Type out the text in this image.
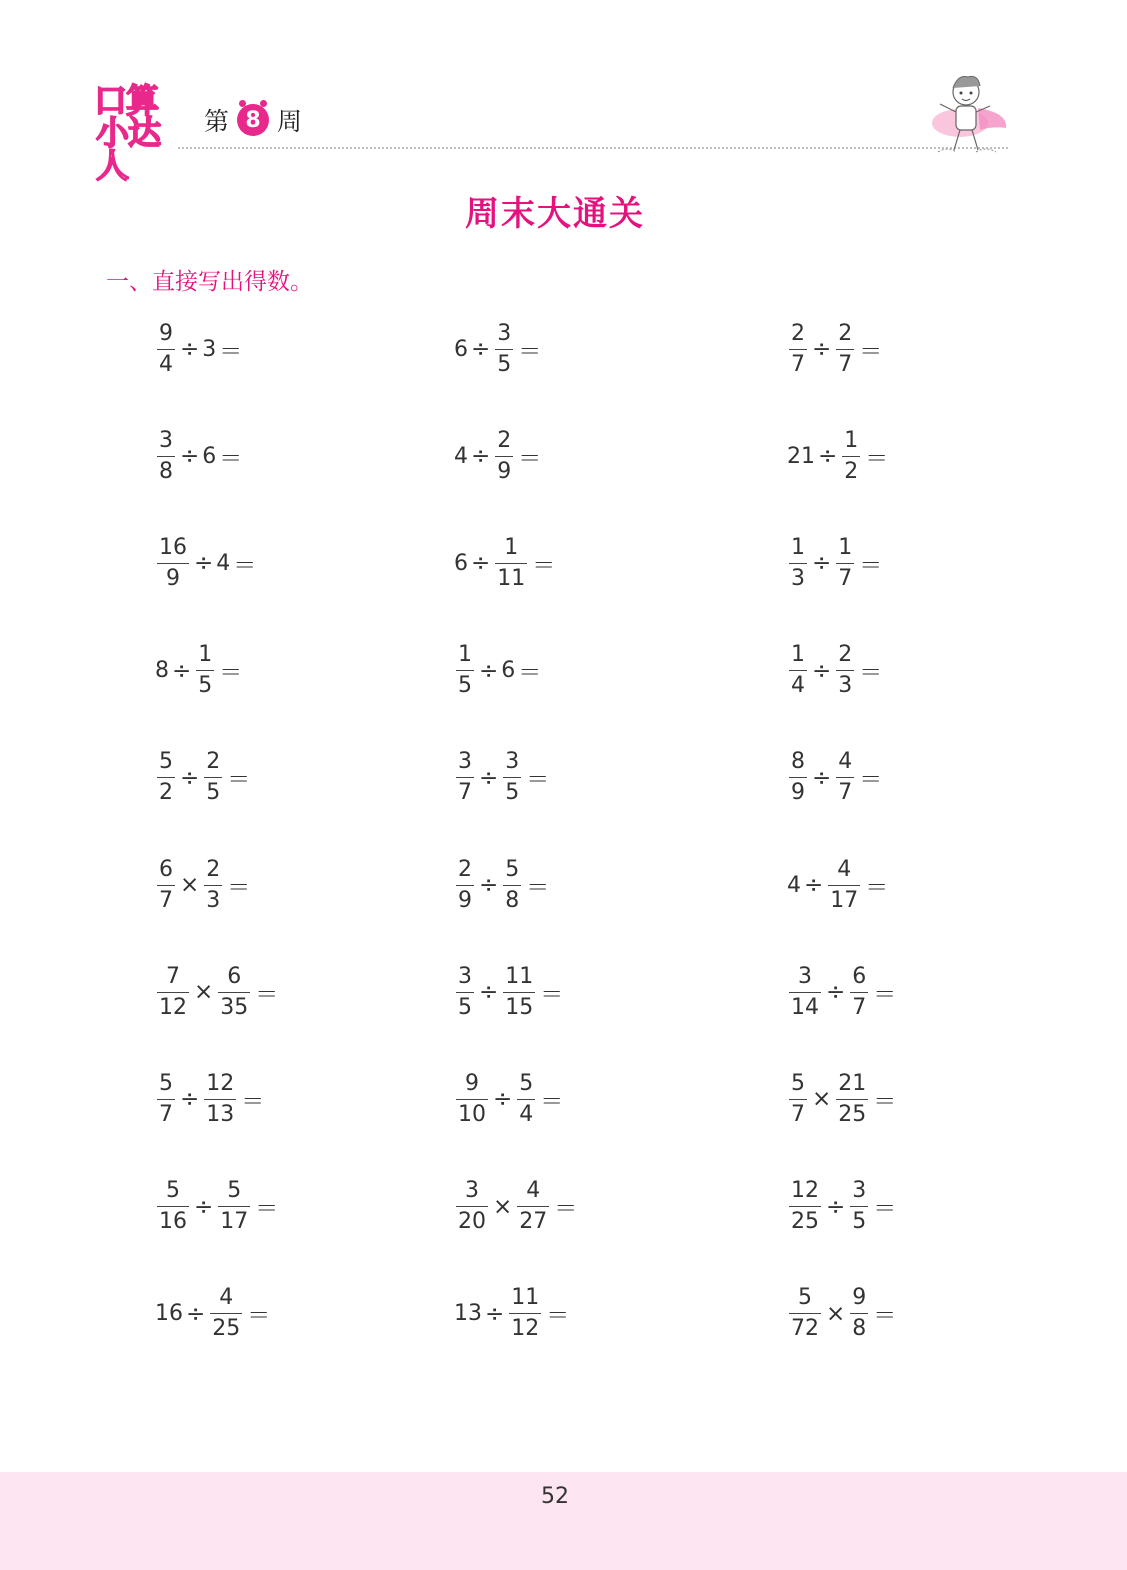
口算
小达人
第 8 周
周末大通关
一、直接写出得数。
$\frac{9}{4} \div 3$ ＝	$6 \div \frac{3}{5}$ ＝	$\frac{2}{7} \div \frac{2}{7}$ ＝
$\frac{3}{8} \div 6$ ＝	$4 \div \frac{2}{9}$ ＝	$21 \div \frac{1}{2}$ ＝
$\frac{16}{9} \div 4$ ＝	$6 \div \frac{1}{11}$ ＝	$\frac{1}{3} \div \frac{1}{7}$ ＝
$8 \div \frac{1}{5}$ ＝	$\frac{1}{5} \div 6$ ＝	$\frac{1}{4} \div \frac{2}{3}$ ＝
$\frac{5}{2} \div \frac{2}{5}$ ＝	$\frac{3}{7} \div \frac{3}{5}$ ＝	$\frac{8}{9} \div \frac{4}{7}$ ＝
$\frac{6}{7} \times \frac{2}{3}$ ＝	$\frac{2}{9} \div \frac{5}{8}$ ＝	$4 \div \frac{4}{17}$ ＝
$\frac{7}{12} \times \frac{6}{35}$ ＝	$\frac{3}{5} \div \frac{11}{15}$ ＝	$\frac{3}{14} \div \frac{6}{7}$ ＝
$\frac{5}{7} \div \frac{12}{13}$ ＝	$\frac{9}{10} \div \frac{5}{4}$ ＝	$\frac{5}{7} \times \frac{21}{25}$ ＝
$\frac{5}{16} \div \frac{5}{17}$ ＝	$\frac{3}{20} \times \frac{4}{27}$ ＝	$\frac{12}{25} \div \frac{3}{5}$ ＝
$16 \div \frac{4}{25}$ ＝	$13 \div \frac{11}{12}$ ＝	$\frac{5}{72} \times \frac{9}{8}$ ＝
52
